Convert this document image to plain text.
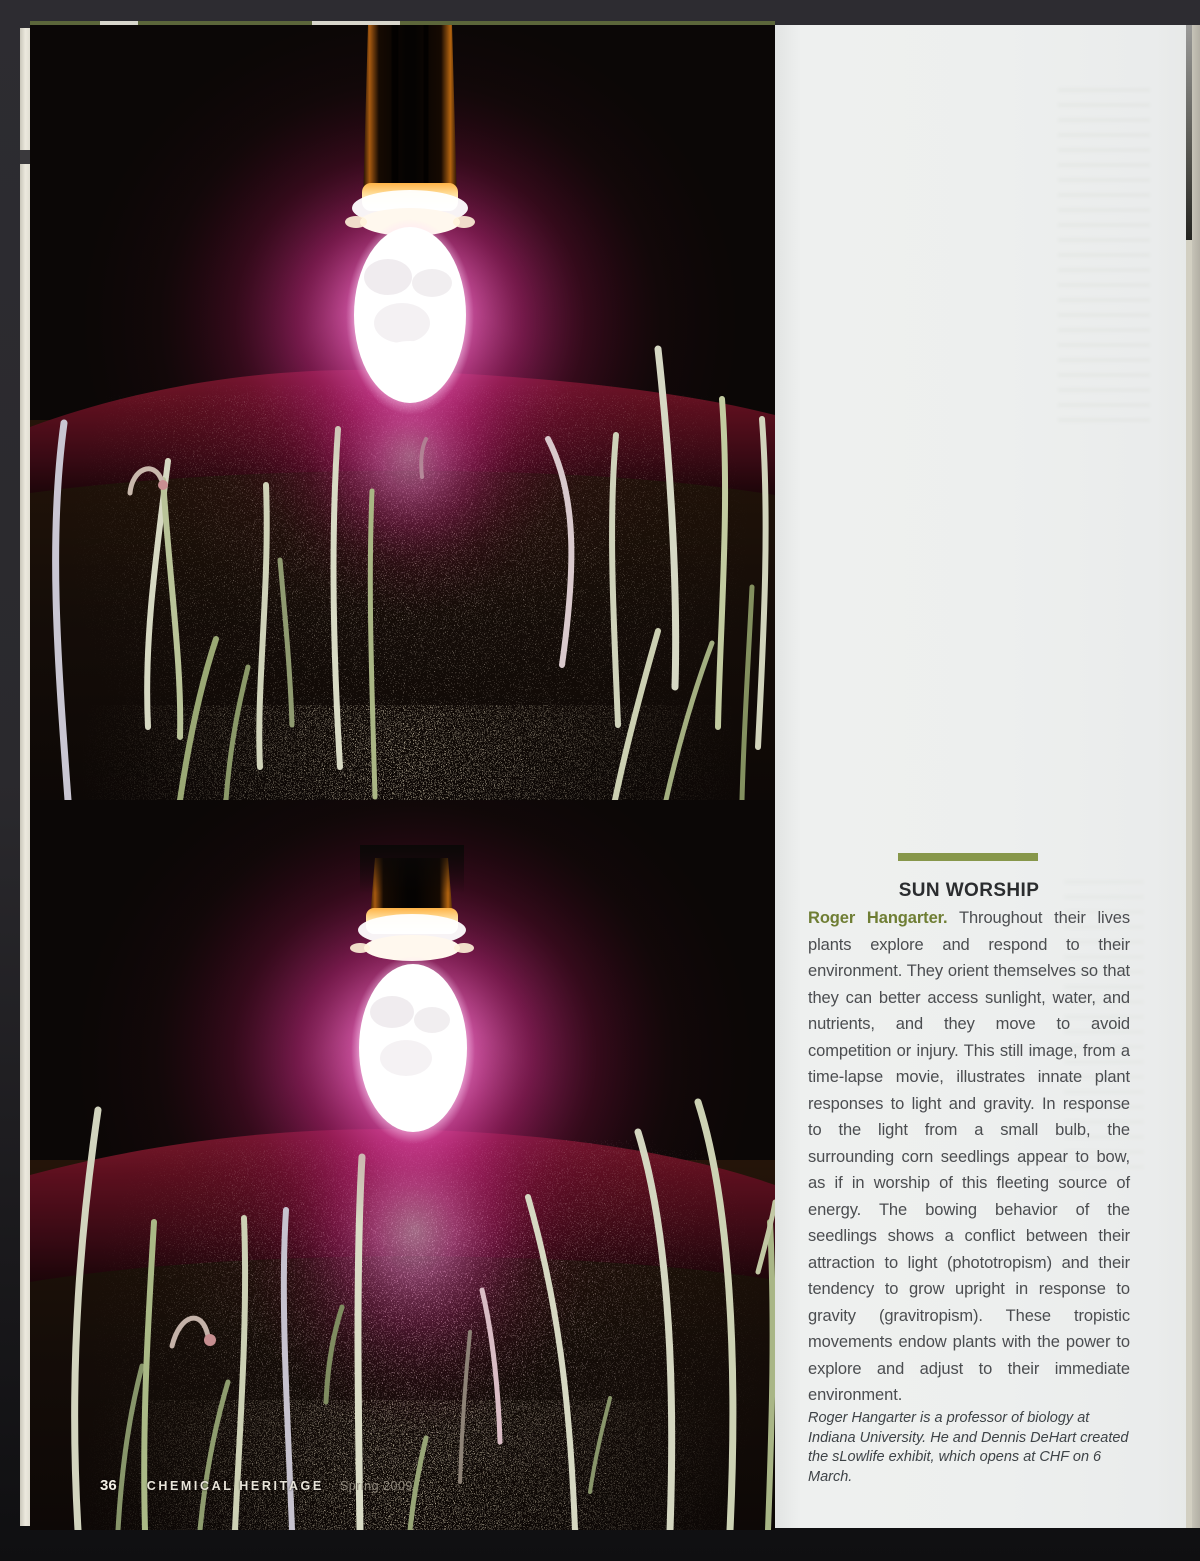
SUN WORSHIP

Roger Hangarter. Throughout their lives plants explore and respond to their environment. They orient themselves so that they can better access sunlight, water, and nutrients, and they move to avoid competition or injury. This still image, from a time-lapse movie, illustrates innate plant responses to light and gravity. In response to the light from a small bulb, the surrounding corn seedlings appear to bow, as if in worship of this fleeting source of energy. The bowing behavior of the seedlings shows a conflict between their attraction to light (phototropism) and their tendency to grow upright in response to gravity (gravitropism). These tropistic movements endow plants with the power to explore and adjust to their immediate environment.

Roger Hangarter is a professor of biology at Indiana University. He and Dennis DeHart created the sLowlife exhibit, which opens at CHF on 6 March.

36 CHEMICAL HERITAGE · Spring 2009
